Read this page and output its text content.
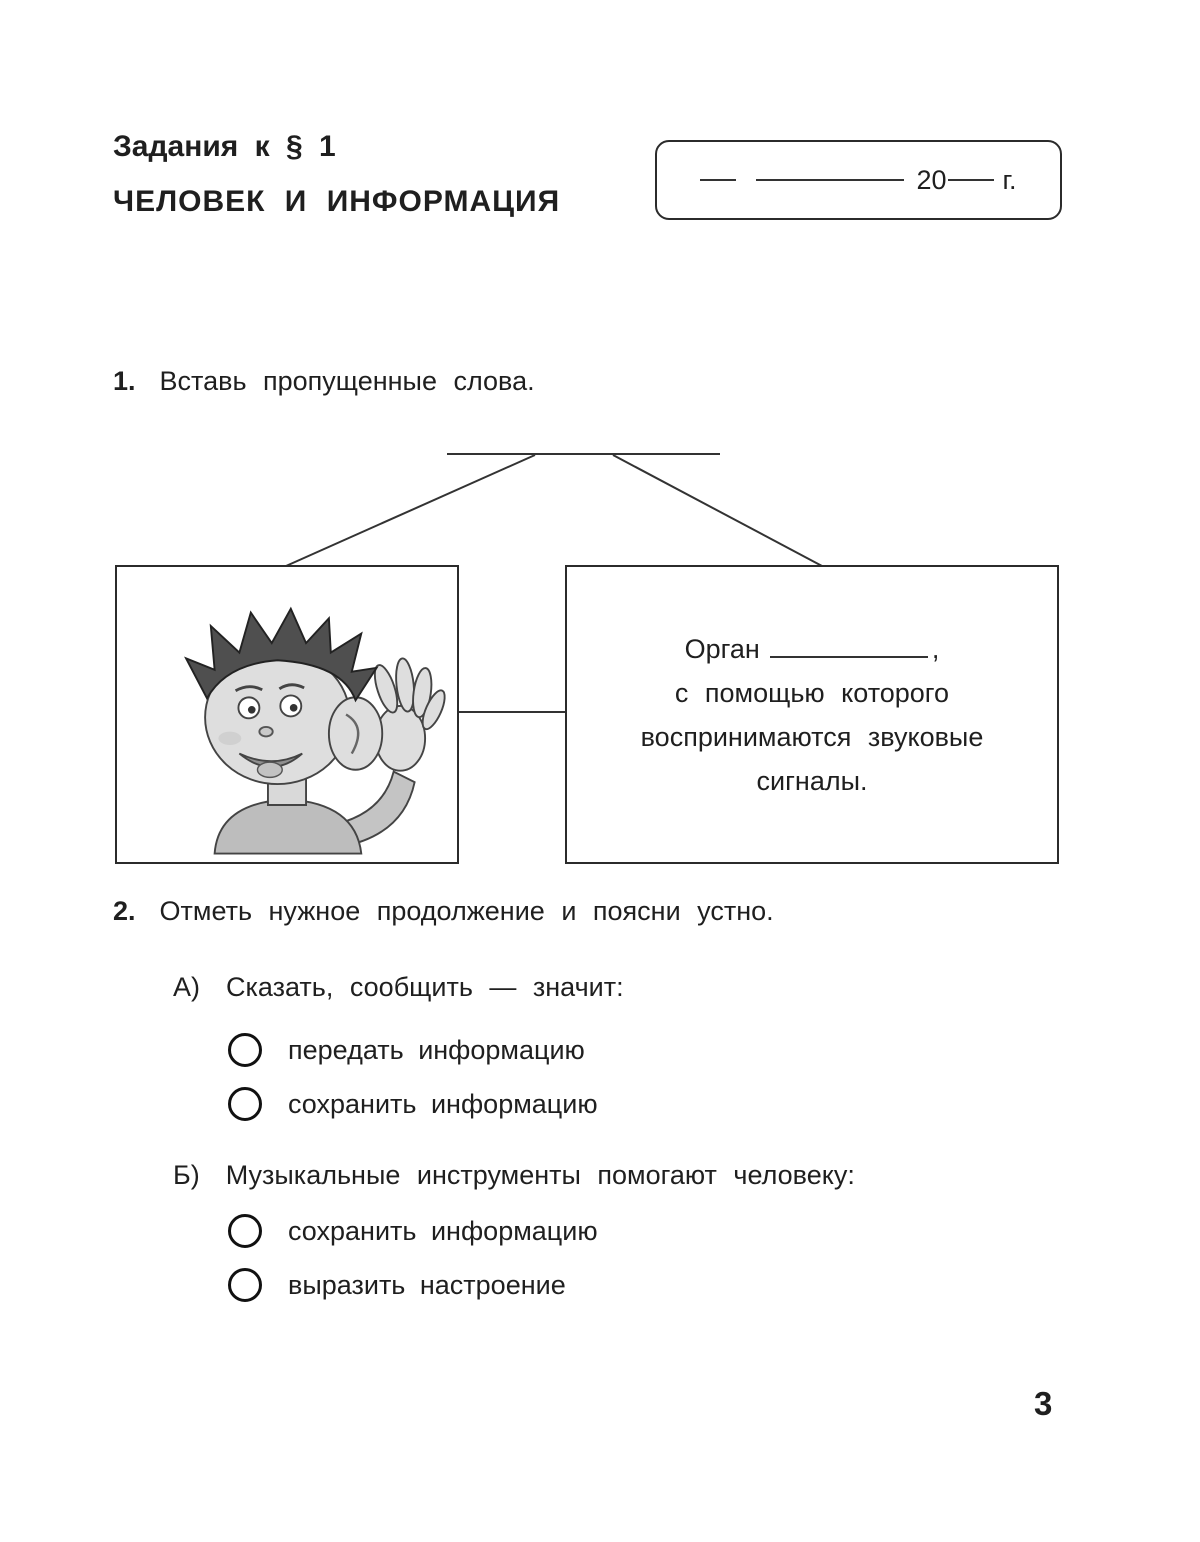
Задания к § 1
ЧЕЛОВЕК И ИНФОРМАЦИЯ
20 г.
1. Вставь пропущенные слова.
Орган	,
с помощью которого
воспринимаются звуковые
сигналы.
2. Отметь нужное продолжение и поясни устно.
А) Сказать, сообщить — значит:
передать информацию
сохранить информацию
Б) Музыкальные инструменты помогают человеку:
сохранить информацию
выразить настроение
3
